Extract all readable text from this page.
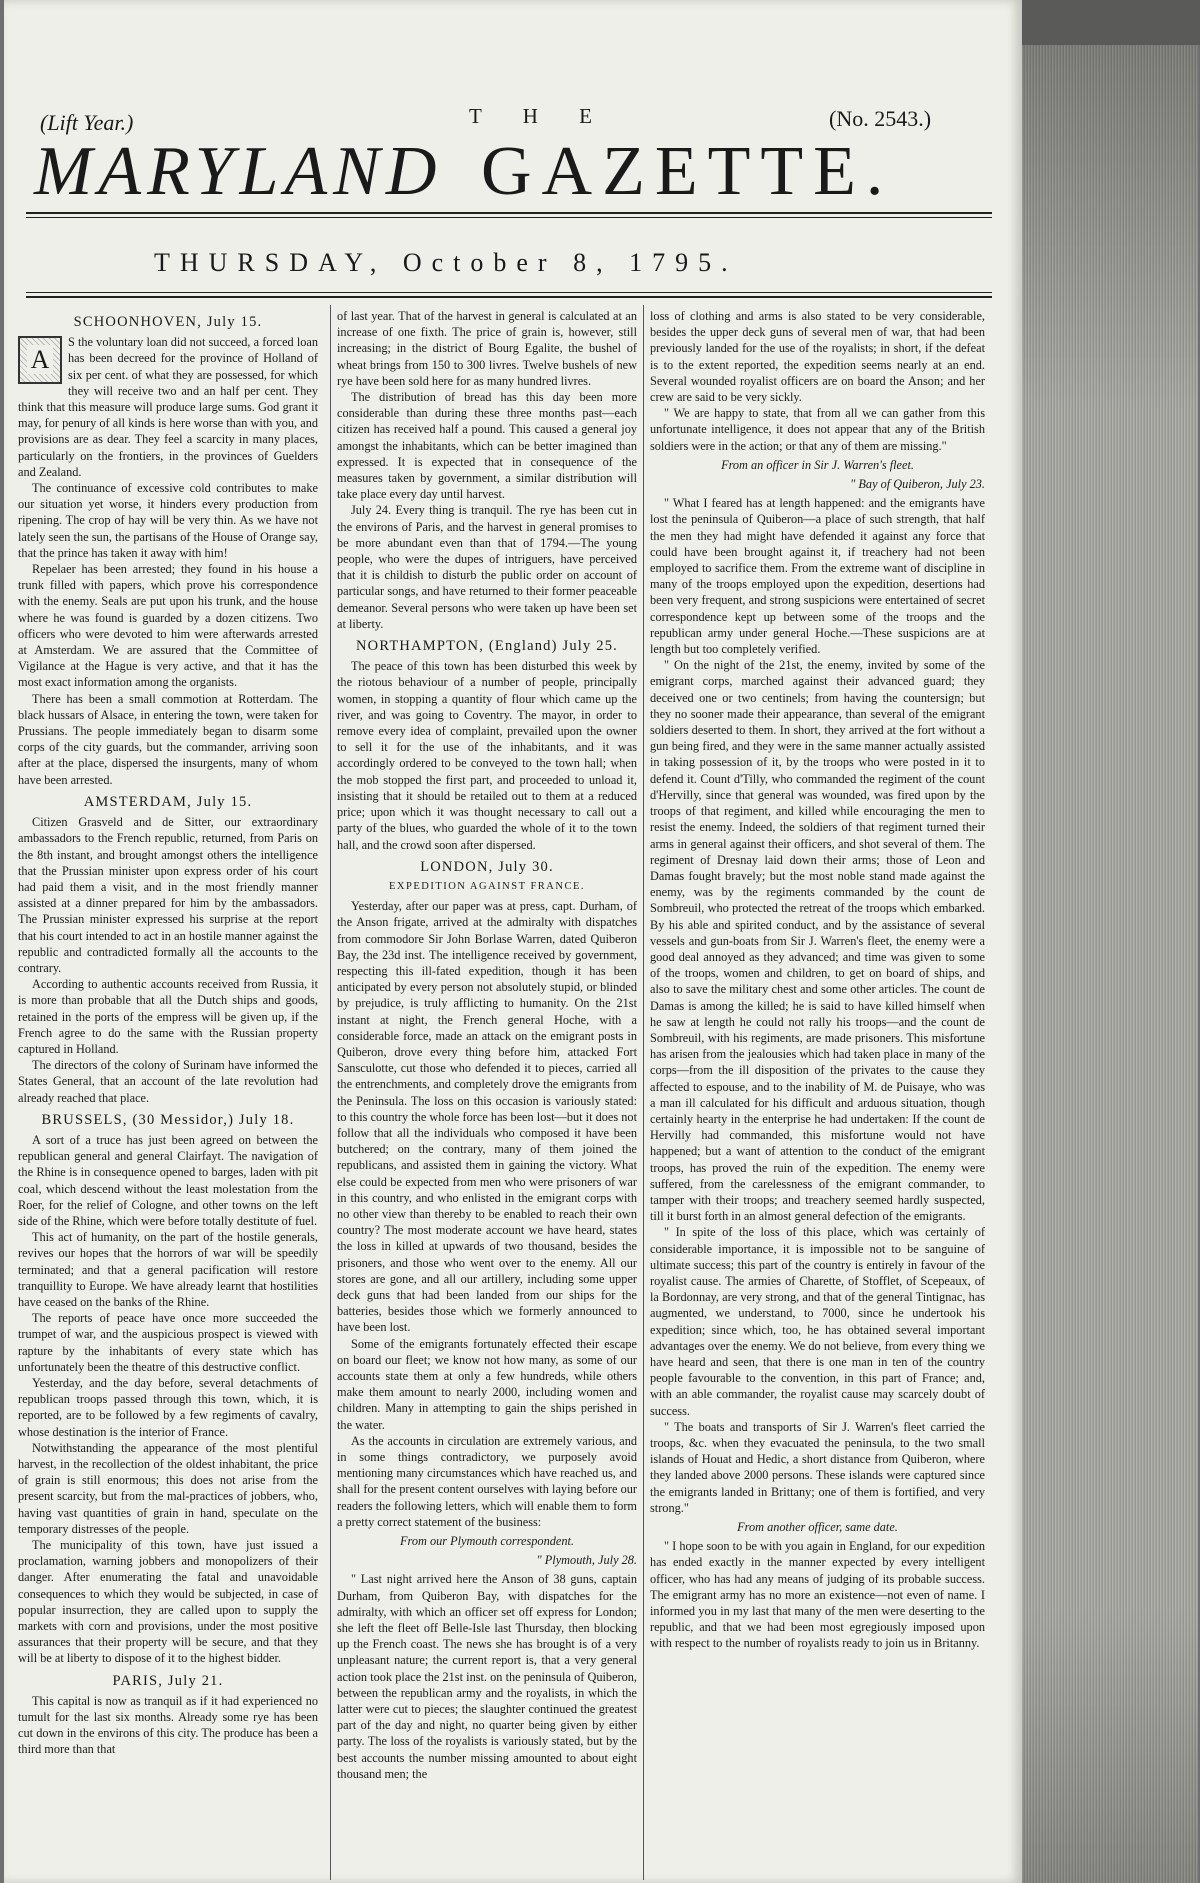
(Lift Year.)	T H E	(No. 2543.)
MARYLAND GAZETTE.
THURSDAY, October 8, 1795.
SCHOONHOVEN, July 15.
A

S the voluntary loan did not succeed, a forced loan has been decreed for the province of Holland of six per cent. of what they are possessed, for which they will receive two and an half per cent. They think that this measure will produce large sums. God grant it may, for penury of all kinds is here worse than with you, and provisions are as dear. They feel a scarcity in many places, particularly on the frontiers, in the provinces of Guelders and Zealand.

The continuance of excessive cold contributes to make our situation yet worse, it hinders every production from ripening. The crop of hay will be very thin. As we have not lately seen the sun, the partisans of the House of Orange say, that the prince has taken it away with him!

Repelaer has been arrested; they found in his house a trunk filled with papers, which prove his correspondence with the enemy. Seals are put upon his trunk, and the house where he was found is guarded by a dozen citizens. Two officers who were devoted to him were afterwards arrested at Amsterdam. We are assured that the Committee of Vigilance at the Hague is very active, and that it has the most exact information among the organists.

There has been a small commotion at Rotterdam. The black hussars of Alsace, in entering the town, were taken for Prussians. The people immediately began to disarm some corps of the city guards, but the commander, arriving soon after at the place, dispersed the insurgents, many of whom have been arrested.

AMSTERDAM, July 15.

Citizen Grasveld and de Sitter, our extraordinary ambassadors to the French republic, returned, from Paris on the 8th instant, and brought amongst others the intelligence that the Prussian minister upon express order of his court had paid them a visit, and in the most friendly manner assisted at a dinner prepared for him by the ambassadors. The Prussian minister expressed his surprise at the report that his court intended to act in an hostile manner against the republic and contradicted formally all the accounts to the contrary.

According to authentic accounts received from Russia, it is more than probable that all the Dutch ships and goods, retained in the ports of the empress will be given up, if the French agree to do the same with the Russian property captured in Holland.

The directors of the colony of Surinam have informed the States General, that an account of the late revolution had already reached that place.

BRUSSELS, (30 Messidor,) July 18.

A sort of a truce has just been agreed on between the republican general and general Clairfayt. The navigation of the Rhine is in consequence opened to barges, laden with pit coal, which descend without the least molestation from the Roer, for the relief of Cologne, and other towns on the left side of the Rhine, which were before totally destitute of fuel.

This act of humanity, on the part of the hostile generals, revives our hopes that the horrors of war will be speedily terminated; and that a general pacification will restore tranquillity to Europe. We have already learnt that hostilities have ceased on the banks of the Rhine.

The reports of peace have once more succeeded the trumpet of war, and the auspicious prospect is viewed with rapture by the inhabitants of every state which has unfortunately been the theatre of this destructive conflict.

Yesterday, and the day before, several detachments of republican troops passed through this town, which, it is reported, are to be followed by a few regiments of cavalry, whose destination is the interior of France.

Notwithstanding the appearance of the most plentiful harvest, in the recollection of the oldest inhabitant, the price of grain is still enormous; this does not arise from the present scarcity, but from the mal-practices of jobbers, who, having vast quantities of grain in hand, speculate on the temporary distresses of the people.

The municipality of this town, have just issued a proclamation, warning jobbers and monopolizers of their danger. After enumerating the fatal and unavoidable consequences to which they would be subjected, in case of popular insurrection, they are called upon to supply the markets with corn and provisions, under the most positive assurances that their property will be secure, and that they will be at liberty to dispose of it to the highest bidder.

PARIS, July 21.

This capital is now as tranquil as if it had experienced no tumult for the last six months. Already some rye has been cut down in the environs of this city. The produce has been a third more than that

of last year. That of the harvest in general is calculated at an increase of one fixth. The price of grain is, however, still increasing; in the district of Bourg Egalite, the bushel of wheat brings from 150 to 300 livres. Twelve bushels of new rye have been sold here for as many hundred livres.

The distribution of bread has this day been more considerable than during these three months past—each citizen has received half a pound. This caused a general joy amongst the inhabitants, which can be better imagined than expressed. It is expected that in consequence of the measures taken by government, a similar distribution will take place every day until harvest.

July 24. Every thing is tranquil. The rye has been cut in the environs of Paris, and the harvest in general promises to be more abundant even than that of 1794.—The young people, who were the dupes of intriguers, have perceived that it is childish to disturb the public order on account of particular songs, and have returned to their former peaceable demeanor. Several persons who were taken up have been set at liberty.

NORTHAMPTON, (England) July 25.

The peace of this town has been disturbed this week by the riotous behaviour of a number of people, principally women, in stopping a quantity of flour which came up the river, and was going to Coventry. The mayor, in order to remove every idea of complaint, prevailed upon the owner to sell it for the use of the inhabitants, and it was accordingly ordered to be conveyed to the town hall; when the mob stopped the first part, and proceeded to unload it, insisting that it should be retailed out to them at a reduced price; upon which it was thought necessary to call out a party of the blues, who guarded the whole of it to the town hall, and the crowd soon after dispersed.

LONDON, July 30.
EXPEDITION AGAINST FRANCE.

Yesterday, after our paper was at press, capt. Durham, of the Anson frigate, arrived at the admiralty with dispatches from commodore Sir John Borlase Warren, dated Quiberon Bay, the 23d inst. The intelligence received by government, respecting this ill-fated expedition, though it has been anticipated by every person not absolutely stupid, or blinded by prejudice, is truly afflicting to humanity. On the 21st instant at night, the French general Hoche, with a considerable force, made an attack on the emigrant posts in Quiberon, drove every thing before him, attacked Fort Sansculotte, cut those who defended it to pieces, carried all the entrenchments, and completely drove the emigrants from the Peninsula. The loss on this occasion is variously stated: to this country the whole force has been lost—but it does not follow that all the individuals who composed it have been butchered; on the contrary, many of them joined the republicans, and assisted them in gaining the victory. What else could be expected from men who were prisoners of war in this country, and who enlisted in the emigrant corps with no other view than thereby to be enabled to reach their own country? The most moderate account we have heard, states the loss in killed at upwards of two thousand, besides the prisoners, and those who went over to the enemy. All our stores are gone, and all our artillery, including some upper deck guns that had been landed from our ships for the batteries, besides those which we formerly announced to have been lost.

Some of the emigrants fortunately effected their escape on board our fleet; we know not how many, as some of our accounts state them at only a few hundreds, while others make them amount to nearly 2000, including women and children. Many in attempting to gain the ships perished in the water.

As the accounts in circulation are extremely various, and in some things contradictory, we purposely avoid mentioning many circumstances which have reached us, and shall for the present content ourselves with laying before our readers the following letters, which will enable them to form a pretty correct statement of the business:

From our Plymouth correspondent.
" Plymouth, July 28.

" Last night arrived here the Anson of 38 guns, captain Durham, from Quiberon Bay, with dispatches for the admiralty, with which an officer set off express for London; she left the fleet off Belle-Isle last Thursday, then blocking up the French coast. The news she has brought is of a very unpleasant nature; the current report is, that a very general action took place the 21st inst. on the peninsula of Quiberon, between the republican army and the royalists, in which the latter were cut to pieces; the slaughter continued the greatest part of the day and night, no quarter being given by either party. The loss of the royalists is variously stated, but by the best accounts the number missing amounted to about eight thousand men; the

loss of clothing and arms is also stated to be very considerable, besides the upper deck guns of several men of war, that had been previously landed for the use of the royalists; in short, if the defeat is to the extent reported, the expedition seems nearly at an end. Several wounded royalist officers are on board the Anson; and her crew are said to be very sickly.

" We are happy to state, that from all we can gather from this unfortunate intelligence, it does not appear that any of the British soldiers were in the action; or that any of them are missing."

From an officer in Sir J. Warren's fleet.
" Bay of Quiberon, July 23.

" What I feared has at length happened: and the emigrants have lost the peninsula of Quiberon—a place of such strength, that half the men they had might have defended it against any force that could have been brought against it, if treachery had not been employed to sacrifice them. From the extreme want of discipline in many of the troops employed upon the expedition, desertions had been very frequent, and strong suspicions were entertained of secret correspondence kept up between some of the troops and the republican army under general Hoche.—These suspicions are at length but too completely verified.

" On the night of the 21st, the enemy, invited by some of the emigrant corps, marched against their advanced guard; they deceived one or two centinels; from having the countersign; but they no sooner made their appearance, than several of the emigrant soldiers deserted to them. In short, they arrived at the fort without a gun being fired, and they were in the same manner actually assisted in taking possession of it, by the troops who were posted in it to defend it. Count d'Tilly, who commanded the regiment of the count d'Hervilly, since that general was wounded, was fired upon by the troops of that regiment, and killed while encouraging the men to resist the enemy. Indeed, the soldiers of that regiment turned their arms in general against their officers, and shot several of them. The regiment of Dresnay laid down their arms; those of Leon and Damas fought bravely; but the most noble stand made against the enemy, was by the regiments commanded by the count de Sombreuil, who protected the retreat of the troops which embarked. By his able and spirited conduct, and by the assistance of several vessels and gun-boats from Sir J. Warren's fleet, the enemy were a good deal annoyed as they advanced; and time was given to some of the troops, women and children, to get on board of ships, and also to save the military chest and some other articles. The count de Damas is among the killed; he is said to have killed himself when he saw at length he could not rally his troops—and the count de Sombreuil, with his regiments, are made prisoners. This misfortune has arisen from the jealousies which had taken place in many of the corps—from the ill disposition of the privates to the cause they affected to espouse, and to the inability of M. de Puisaye, who was a man ill calculated for his difficult and arduous situation, though certainly hearty in the enterprise he had undertaken: If the count de Hervilly had commanded, this misfortune would not have happened; but a want of attention to the conduct of the emigrant troops, has proved the ruin of the expedition. The enemy were suffered, from the carelessness of the emigrant commander, to tamper with their troops; and treachery seemed hardly suspected, till it burst forth in an almost general defection of the emigrants.

" In spite of the loss of this place, which was certainly of considerable importance, it is impossible not to be sanguine of ultimate success; this part of the country is entirely in favour of the royalist cause. The armies of Charette, of Stofflet, of Scepeaux, of la Bordonnay, are very strong, and that of the general Tintignac, has augmented, we understand, to 7000, since he undertook his expedition; since which, too, he has obtained several important advantages over the enemy. We do not believe, from every thing we have heard and seen, that there is one man in ten of the country people favourable to the convention, in this part of France; and, with an able commander, the royalist cause may scarcely doubt of success.

" The boats and transports of Sir J. Warren's fleet carried the troops, &c. when they evacuated the peninsula, to the two small islands of Houat and Hedic, a short distance from Quiberon, where they landed above 2000 persons. These islands were captured since the emigrants landed in Brittany; one of them is fortified, and very strong."

From another officer, same date.

" I hope soon to be with you again in England, for our expedition has ended exactly in the manner expected by every intelligent officer, who has had any means of judging of its probable success. The emigrant army has no more an existence—not even of name. I informed you in my last that many of the men were deserting to the republic, and that we had been most egregiously imposed upon with respect to the number of royalists ready to join us in Britanny.
